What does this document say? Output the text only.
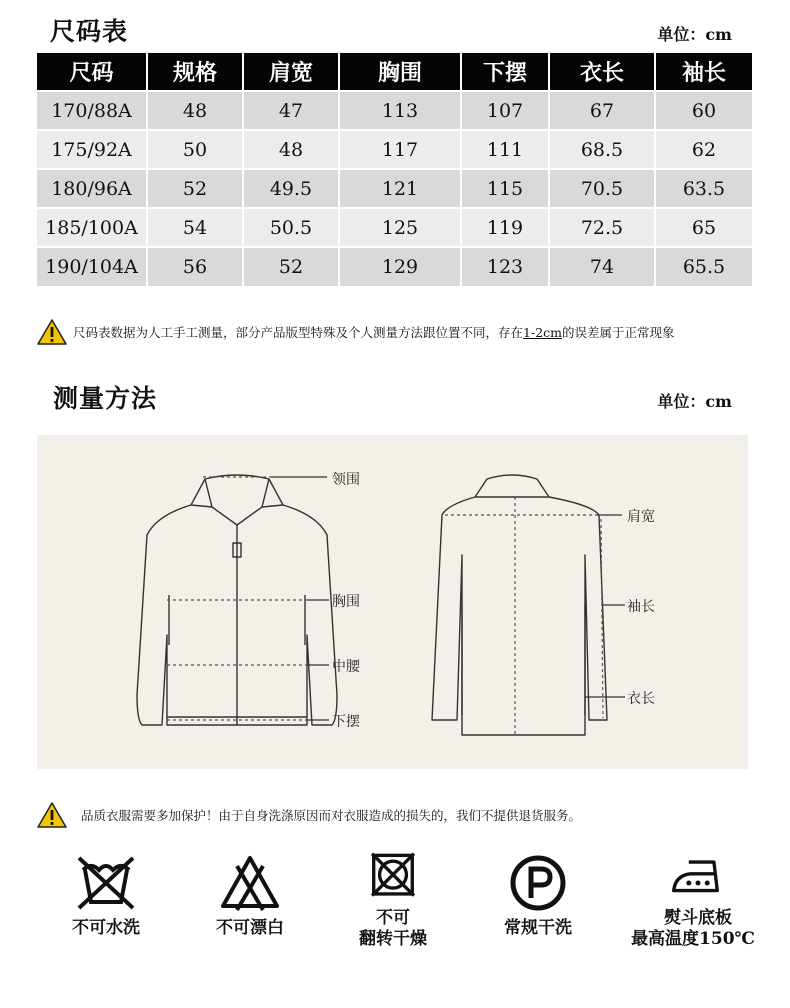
尺码表	单位：cm
尺码	规格	肩宽	胸围	下摆	衣长	袖长
170/88A	48	47	113	107	67	60
175/92A	50	48	117	111	68.5	62
180/96A	52	49.5	121	115	70.5	63.5
185/100A	54	50.5	125	119	72.5	65
190/104A	56	52	129	123	74	65.5
尺码表数据为人工手工测量，部分产品版型特殊及个人测量方法跟位置不同，存在 1-2cm 的误差属于正常现象
测量方法	单位：cm
领围
胸围
中腰
下摆
肩宽
袖长
衣长
品质衣服需要多加保护！由于自身洗涤原因而对衣服造成的损失的，我们不提供退货服务。
不可水洗	不可漂白	不可
翻转干燥
常规干洗	熨斗底板
最高温度150℃
